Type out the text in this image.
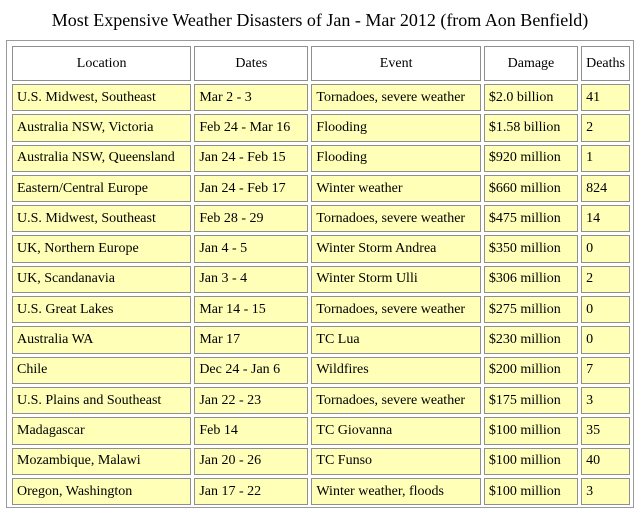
Most Expensive Weather Disasters of Jan - Mar 2012 (from Aon Benfield)
Location	Dates	Event	Damage	Deaths
U.S. Midwest, Southeast	Mar 2 - 3	Tornadoes, severe weather	$2.0 billion	41
Australia NSW, Victoria	Feb 24 - Mar 16	Flooding	$1.58 billion	2
Australia NSW, Queensland	Jan 24 - Feb 15	Flooding	$920 million	1
Eastern/Central Europe	Jan 24 - Feb 17	Winter weather	$660 million	824
U.S. Midwest, Southeast	Feb 28 - 29	Tornadoes, severe weather	$475 million	14
UK, Northern Europe	Jan 4 - 5	Winter Storm Andrea	$350 million	0
UK, Scandanavia	Jan 3 - 4	Winter Storm Ulli	$306 million	2
U.S. Great Lakes	Mar 14 - 15	Tornadoes, severe weather	$275 million	0
Australia WA	Mar 17	TC Lua	$230 million	0
Chile	Dec 24 - Jan 6	Wildfires	$200 million	7
U.S. Plains and Southeast	Jan 22 - 23	Tornadoes, severe weather	$175 million	3
Madagascar	Feb 14	TC Giovanna	$100 million	35
Mozambique, Malawi	Jan 20 - 26	TC Funso	$100 million	40
Oregon, Washington	Jan 17 - 22	Winter weather, floods	$100 million	3
